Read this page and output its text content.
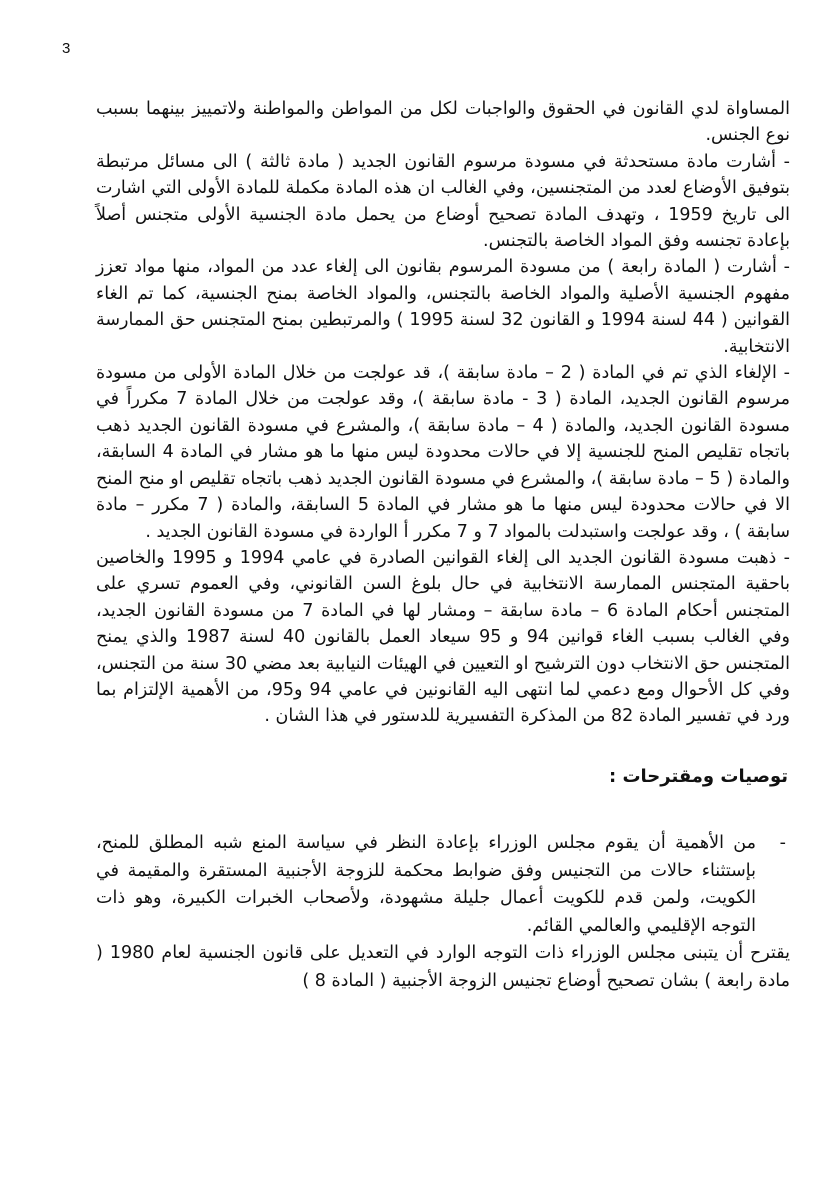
3

المساواة لدي القانون في الحقوق والواجبات لكل من المواطن والمواطنة ولاتمييز بينهما بسبب نوع الجنس.

- أشارت مادة مستحدثة في مسودة مرسوم القانون الجديد ( مادة ثالثة ) الى مسائل مرتبطة بتوفيق الأوضاع لعدد من المتجنسين، وفي الغالب ان هذه المادة مكملة للمادة الأولى التي اشارت الى تاريخ 1959 ، وتهدف المادة تصحيح أوضاع من يحمل مادة الجنسية الأولى متجنس أصلاً بإعادة تجنسه وفق المواد الخاصة بالتجنس.

- أشارت ( المادة رابعة ) من مسودة المرسوم بقانون الى إلغاء عدد من المواد، منها مواد تعزز مفهوم الجنسية الأصلية والمواد الخاصة بالتجنس، والمواد الخاصة بمنح الجنسية، كما تم الغاء القوانين ( 44 لسنة 1994 و القانون 32 لسنة 1995 ) والمرتبطين بمنح المتجنس حق الممارسة الانتخابية.

- الإلغاء الذي تم في المادة ( 2 – مادة سابقة )، قد عولجت من خلال المادة الأولى من مسودة مرسوم القانون الجديد، المادة ( 3 - مادة سابقة )، وقد عولجت من خلال المادة 7 مكرراً في مسودة القانون الجديد، والمادة ( 4 – مادة سابقة )، والمشرع في مسودة القانون الجديد ذهب باتجاه تقليص المنح للجنسية إلا في حالات محدودة ليس منها ما هو مشار في المادة 4 السابقة، والمادة ( 5 – مادة سابقة )، والمشرع في مسودة القانون الجديد ذهب باتجاه تقليص او منح المنح الا في حالات محدودة ليس منها ما هو مشار في المادة 5 السابقة، والمادة ( 7 مكرر – مادة سابقة ) ، وقد عولجت واستبدلت بالمواد 7 و 7 مكرر أ الواردة في مسودة القانون الجديد .

- ذهبت مسودة القانون الجديد الى إلغاء القوانين الصادرة في عامي 1994 و 1995 والخاصين باحقية المتجنس الممارسة الانتخابية في حال بلوغ السن القانوني، وفي العموم تسري على المتجنس أحكام المادة 6 – مادة سابقة – ومشار لها في المادة 7 من مسودة القانون الجديد، وفي الغالب بسبب الغاء قوانين 94 و 95 سيعاد العمل بالقانون 40 لسنة 1987 والذي يمنح المتجنس حق الانتخاب دون الترشيح او التعيين في الهيئات النيابية بعد مضي 30 سنة من التجنس، وفي كل الأحوال ومع دعمي لما انتهى اليه القانونين في عامي 94 و95، من الأهمية الإلتزام بما ورد في تفسير المادة 82 من المذكرة التفسيرية للدستور في هذا الشان .

توصيات ومقترحات :

-
من الأهمية أن يقوم مجلس الوزراء بإعادة النظر في سياسة المنع شبه المطلق للمنح، بإستثناء حالات من التجنيس وفق ضوابط محكمة للزوجة الأجنبية المستقرة والمقيمة في الكويت، ولمن قدم للكويت أعمال جليلة مشهودة، ولأصحاب الخبرات الكبيرة، وهو ذات التوجه الإقليمي والعالمي القائم.

يقترح أن يتبنى مجلس الوزراء ذات التوجه الوارد في التعديل على قانون الجنسية لعام 1980 ( مادة رابعة ) بشان تصحيح أوضاع تجنيس الزوجة الأجنبية ( المادة 8 )
